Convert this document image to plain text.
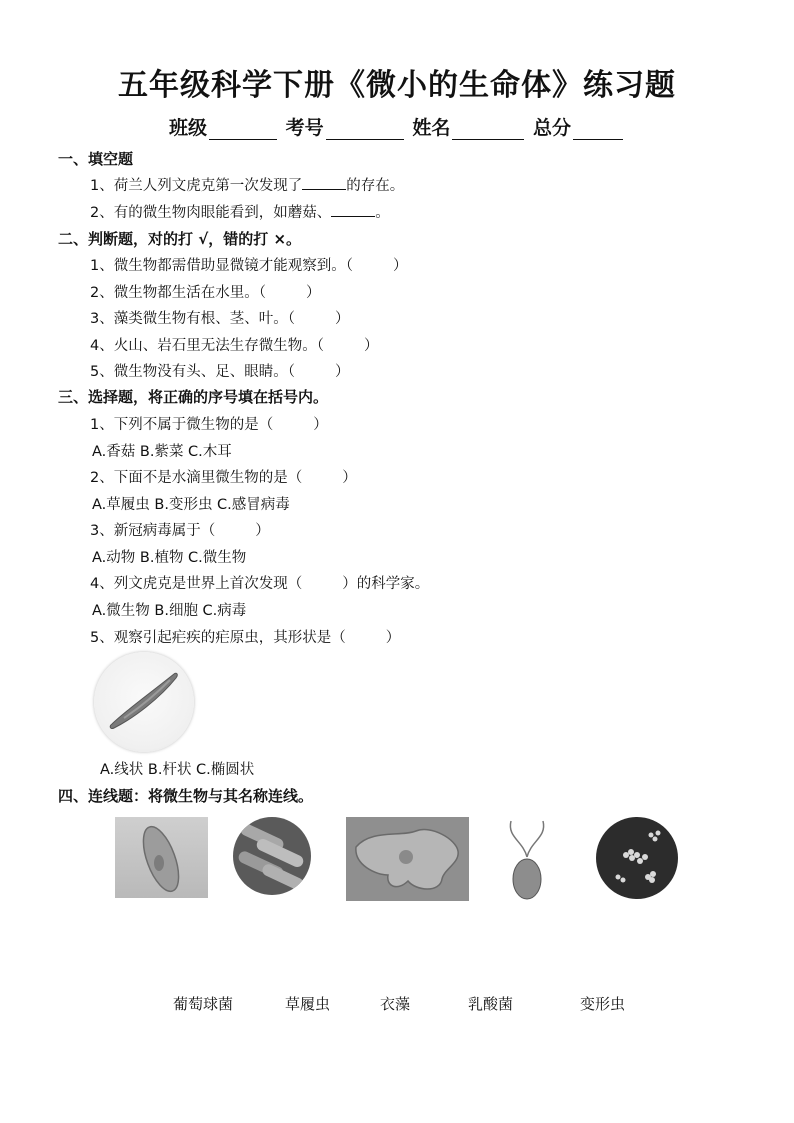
五年级科学下册《微小的生命体》练习题
班级	考号	姓名	总分
一、填空题
1、荷兰人列文虎克第一次发现了	的存在。
2、有的微生物肉眼能看到，如蘑菇、	。
二、判断题，对的打 √，错的打 ×。
1、微生物都需借助显微镜才能观察到。（	）
2、微生物都生活在水里。（	）
3、藻类微生物有根、茎、叶。（	）
4、火山、岩石里无法生存微生物。（	）
5、微生物没有头、足、眼睛。（	）
三、选择题，将正确的序号填在括号内。
1、下列不属于微生物的是（	）
A.香菇 B.紫菜 C.木耳
2、下面不是水滴里微生物的是（	）
A.草履虫 B.变形虫 C.感冒病毒
3、新冠病毒属于（	）
A.动物 B.植物 C.微生物
4、列文虎克是世界上首次发现（	）的科学家。
A.微生物 B.细胞 C.病毒
5、观察引起疟疾的疟原虫，其形状是（	）
A.线状 B.杆状 C.椭圆状
四、连线题：将微生物与其名称连线。
葡萄球菌	草履虫	衣藻	乳酸菌	变形虫
